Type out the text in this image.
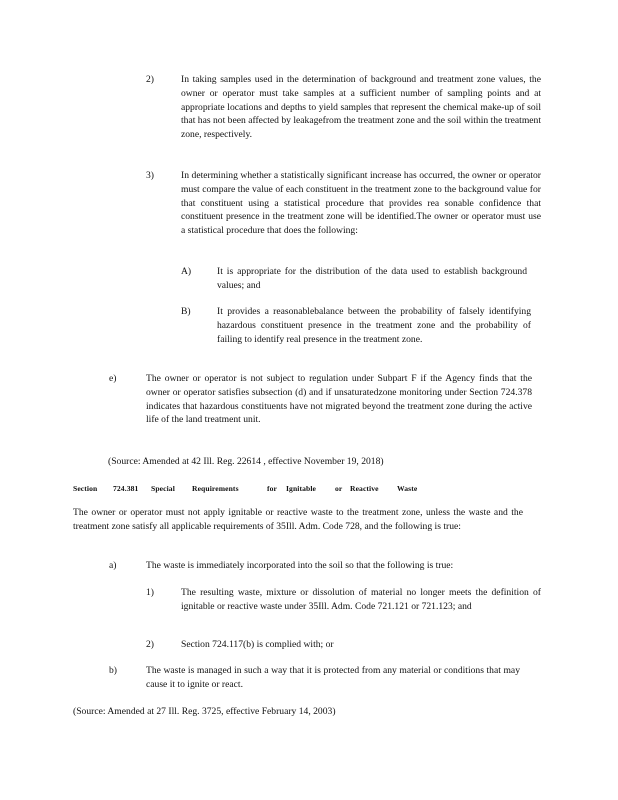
2)	In taking samples used in the determination of background and treatment zone values, the owner or operator must take samples at a sufficient number of sampling points and at appropriate locations and depths to yield samples that represent the chemical make-up of soil that has not been affected by leakagefrom the treatment zone and the soil within the treatment zone, respectively.
3)	In determining whether a statistically significant increase has occurred, the owner or operator must compare the value of each constituent in the treatment zone to the background value for that constituent using a statistical procedure that provides rea sonable confidence that constituent presence in the treatment zone will be identified.The owner or operator must use a statistical procedure that does the following:
A)	It is appropriate for the distribution of the data used to establish background values; and
B)	It provides a reasonablebalance between the probability of falsely identifying hazardous constituent presence in the treatment zone and the probability of failing to identify real presence in the treatment zone.
e)	The owner or operator is not subject to regulation under Subpart F if the Agency finds that the owner or operator satisfies subsection (d) and if unsaturatedzone monitoring under Section 724.378 indicates that hazardous constituents have not migrated beyond the treatment zone during the active life of the land treatment unit.
(Source: Amended at 42 Ill. Reg. 22614 , effective November 19, 2018)
Section 724.381 Special Requirements	for Ignitable or Reactive Waste
The owner or operator must not apply ignitable or reactive waste to the treatment zone, unless the waste and the treatment zone satisfy all applicable requirements of 35Ill. Adm. Code 728, and the following is true:
a)	The waste is immediately incorporated into the soil so that the following is true:
1)	The resulting waste, mixture or dissolution of material no longer meets the definition of ignitable or reactive waste under 35Ill. Adm. Code 721.121 or 721.123; and
2)	Section 724.117(b) is complied with; or
b)	The waste is managed in such a way that it is protected from any material or conditions that may cause it to ignite or react.
(Source: Amended at 27 Ill. Reg. 3725, effective February 14, 2003)
